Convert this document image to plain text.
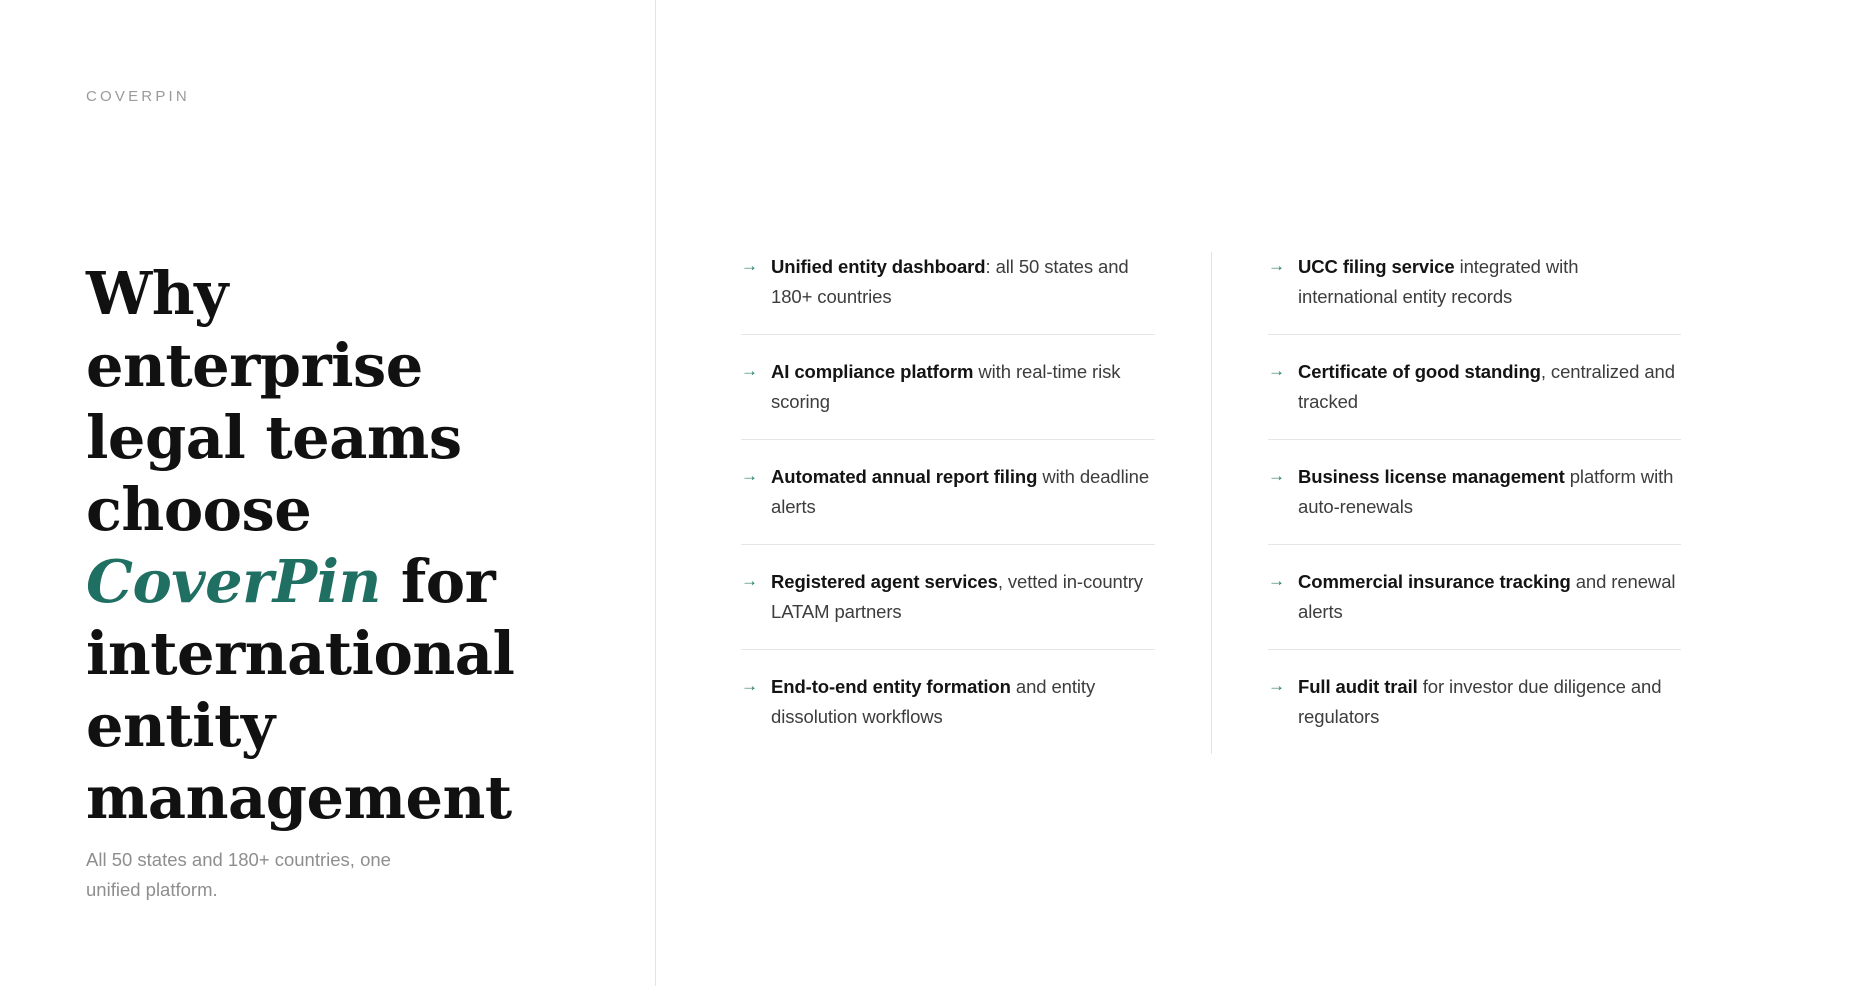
COVERPIN
Why enterprise
legal teams
choose
CoverPin for
international
entity
management
All 50 states and 180+ countries, one unified platform.
→ Unified entity dashboard: all 50 states and 180+ countries
→ AI compliance platform with real-time risk scoring
→ Automated annual report filing with deadline alerts
→ Registered agent services, vetted in-country LATAM partners
→ End-to-end entity formation and entity dissolution workflows
→ UCC filing service integrated with international entity records
→ Certificate of good standing, centralized and tracked
→ Business license management platform with auto-renewals
→ Commercial insurance tracking and renewal alerts
→ Full audit trail for investor due diligence and regulators
